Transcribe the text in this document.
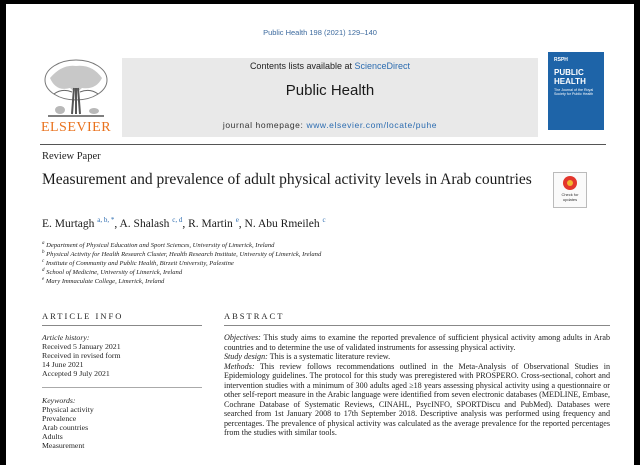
Public Health 198 (2021) 129–140
ELSEVIER
Contents lists available at ScienceDirect
Public Health
journal homepage: www.elsevier.com/locate/puhe
RSPH
PUBLIC
HEALTH
The Journal of the Royal Society for Public Health
Review Paper
Measurement and prevalence of adult physical activity levels in Arab countries
Check for
updates
E. Murtagh $^{a, b, *}$, A. Shalash $^{c, d}$, R. Martin $^e$, N. Abu Rmeileh $^c$
$^a$ Department of Physical Education and Sport Sciences, University of Limerick, Ireland
$^b$ Physical Activity for Health Research Cluster, Health Research Institute, University of Limerick, Ireland
$^c$ Institute of Community and Public Health, Birzeit University, Palestine
$^d$ School of Medicine, University of Limerick, Ireland
$^e$ Mary Immaculate College, Limerick, Ireland
ARTICLE INFO	ABSTRACT
Article history:
Received 5 January 2021
Received in revised form
14 June 2021
Accepted 9 July 2021
Keywords:
Physical activity
Prevalence
Arab countries
Adults
Measurement

Objectives: This study aims to examine the reported prevalence of sufficient physical activity among adults in Arab countries and to determine the use of validated instruments for assessing physical activity.

Study design: This is a systematic literature review.

Methods: This review follows recommendations outlined in the Meta-Analysis of Observational Studies in Epidemiology guidelines. The protocol for this study was preregistered with PROSPERO. Cross-sectional, cohort and intervention studies with a minimum of 300 adults aged ≥18 years assessing physical activity using a questionnaire or other self-report measure in the Arabic language were identified from seven electronic databases (MEDLINE, Embase, Cochrane Database of Systematic Reviews, CINAHL, PsycINFO, SPORTDiscu and PubMed). Databases were searched from 1st January 2008 to 17th September 2018. Descriptive analysis was performed using frequency and percentages. The prevalence of physical activity was calculated as the average prevalence for the reported percentages from the studies with similar tools.
